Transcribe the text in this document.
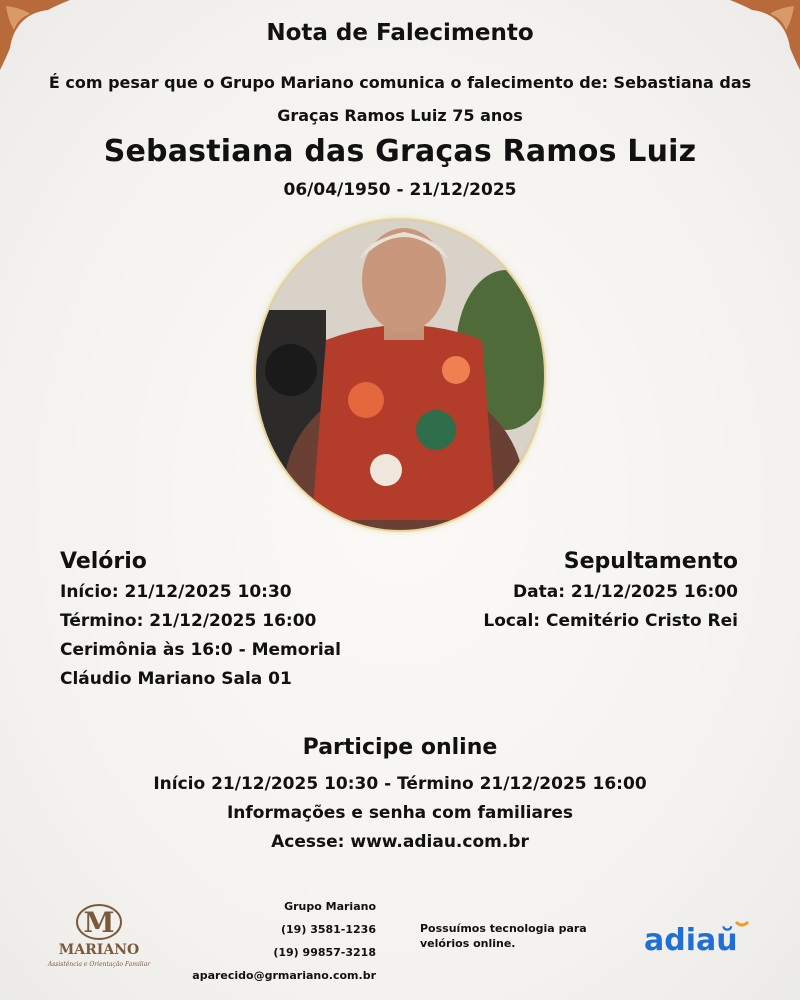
Nota de Falecimento
É com pesar que o Grupo Mariano comunica o falecimento de: Sebastiana das Graças Ramos Luiz 75 anos
Sebastiana das Graças Ramos Luiz
06/04/1950 - 21/12/2025
Velório
Início: 21/12/2025 10:30
Término: 21/12/2025 16:00
Cerimônia às 16:0 - Memorial
Cláudio Mariano Sala 01
Sepultamento
Data: 21/12/2025 16:00
Local: Cemitério Cristo Rei
Participe online
Início 21/12/2025 10:30 - Término 21/12/2025 16:00
Informações e senha com familiares
Acesse: www.adiau.com.br
M
MARIANO
Assistência e Orientação Familiar
Grupo Mariano
(19) 3581-1236
(19) 99857-3218
aparecido@grmariano.com.br
Possuímos tecnologia para velórios online.	adiaŭ
